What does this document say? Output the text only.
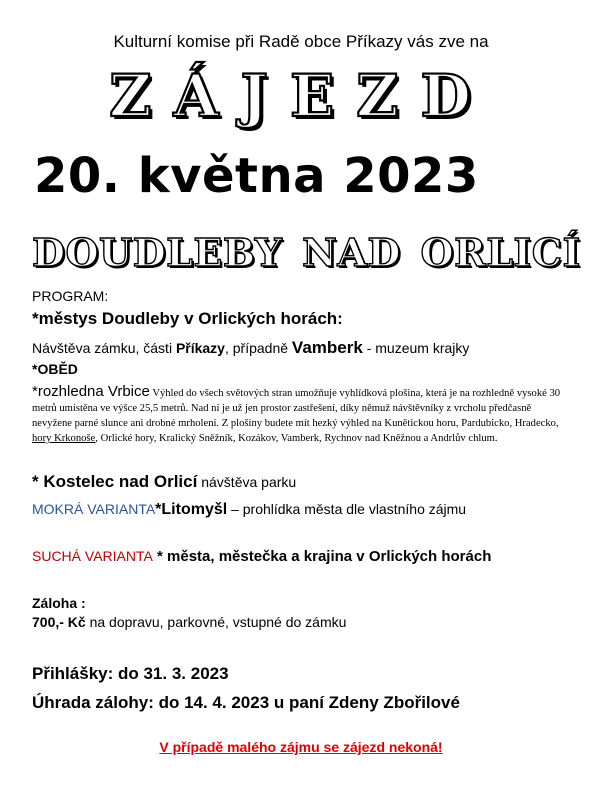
Kulturní komise při Radě obce Příkazy vás zve na
ZÁJEZD
20. května 2023
DOUDLEBY NAD ORLICÍ
PROGRAM:
*městys Doudleby v Orlických horách:
Návštěva zámku, části Příkazy, případně Vamberk - muzeum krajky
*OBĚD
*rozhledna Vrbice Výhled do všech světových stran umožňuje vyhlídková plošina, která je na rozhledně vysoké 30 metrů umístěna ve výšce 25,5 metrů. Nad ní je už jen prostor zastřešení, díky němuž návštěvníky z vrcholu předčasně nevyžene parné slunce ani drobné mrholení. Z plošiny budete mít hezký výhled na Kunětickou horu, Pardubicko, Hradecko, hory Krkonoše, Orlické hory, Kralický Sněžník, Kozákov, Vamberk, Rychnov nad Kněžnou a Andrlův chlum.
* Kostelec nad Orlicí návštěva parku
MOKRÁ VARIANTA*Litomyšl – prohlídka města dle vlastního zájmu
SUCHÁ VARIANTA * města, městečka a krajina v Orlických horách
Záloha :
700,- Kč na dopravu, parkovné, vstupné do zámku
Přihlášky: do 31. 3. 2023
Úhrada zálohy: do 14. 4. 2023 u paní Zdeny Zbořilové
V případě malého zájmu se zájezd nekoná!
